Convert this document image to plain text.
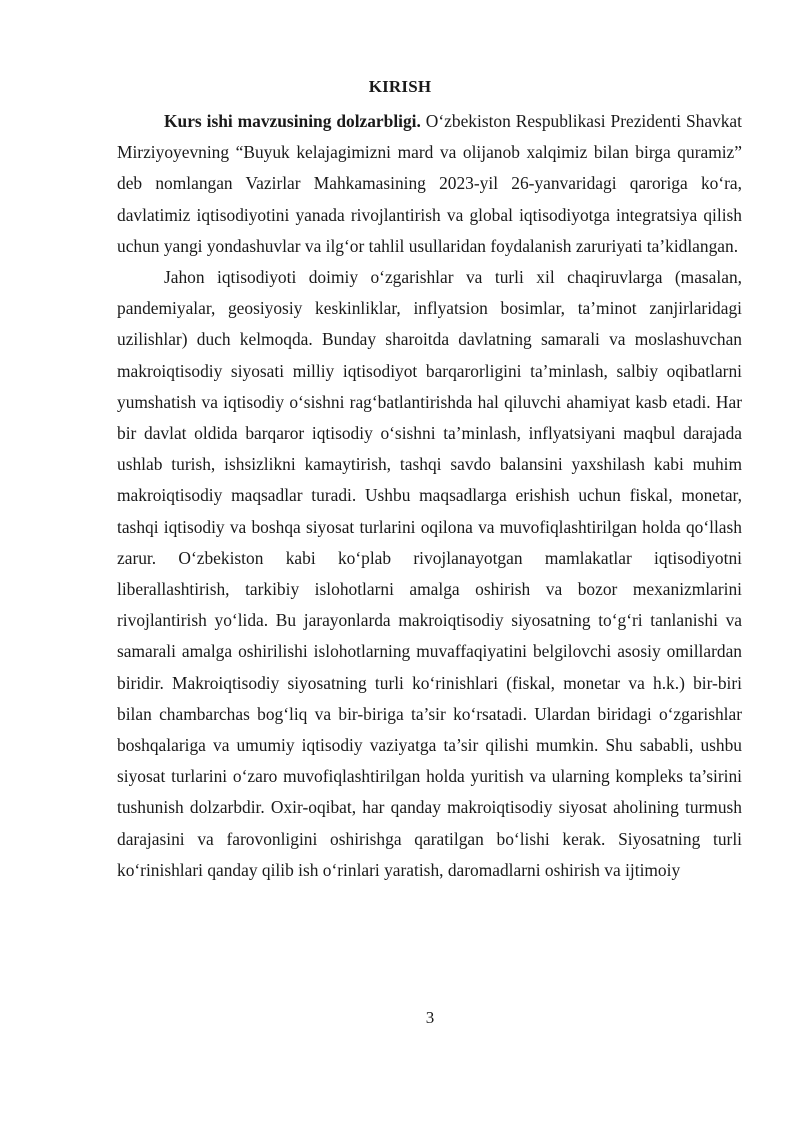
KIRISH

Kurs ishi mavzusining dolzarbligi. O‘zbekiston Respublikasi Prezidenti Shavkat Mirziyoyevning “Buyuk kelajagimizni mard va olijanob xalqimiz bilan birga quramiz” deb nomlangan Vazirlar Mahkamasining 2023-yil 26-yanvaridagi qaroriga ko‘ra, davlatimiz iqtisodiyotini yanada rivojlantirish va global iqtisodiyotga integratsiya qilish uchun yangi yondashuvlar va ilg‘or tahlil usullaridan foydalanish zaruriyati ta’kidlangan.

Jahon iqtisodiyoti doimiy o‘zgarishlar va turli xil chaqiruvlarga (masalan, pandemiyalar, geosiyosiy keskinliklar, inflyatsion bosimlar, ta’minot zanjirlaridagi uzilishlar) duch kelmoqda. Bunday sharoitda davlatning samarali va moslashuvchan makroiqtisodiy siyosati milliy iqtisodiyot barqarorligini ta’minlash, salbiy oqibatlarni yumshatish va iqtisodiy o‘sishni rag‘batlantirishda hal qiluvchi ahamiyat kasb etadi. Har bir davlat oldida barqaror iqtisodiy o‘sishni ta’minlash, inflyatsiyani maqbul darajada ushlab turish, ishsizlikni kamaytirish, tashqi savdo balansini yaxshilash kabi muhim makroiqtisodiy maqsadlar turadi. Ushbu maqsadlarga erishish uchun fiskal, monetar, tashqi iqtisodiy va boshqa siyosat turlarini oqilona va muvofiqlashtirilgan holda qo‘llash zarur. O‘zbekiston kabi ko‘plab rivojlanayotgan mamlakatlar iqtisodiyotni liberallashtirish, tarkibiy islohotlarni amalga oshirish va bozor mexanizmlarini rivojlantirish yo‘lida. Bu jarayonlarda makroiqtisodiy siyosatning to‘g‘ri tanlanishi va samarali amalga oshirilishi islohotlarning muvaffaqiyatini belgilovchi asosiy omillardan biridir. Makroiqtisodiy siyosatning turli ko‘rinishlari (fiskal, monetar va h.k.) bir-biri bilan chambarchas bog‘liq va bir-biriga ta’sir ko‘rsatadi. Ulardan biridagi o‘zgarishlar boshqalariga va umumiy iqtisodiy vaziyatga ta’sir qilishi mumkin. Shu sababli, ushbu siyosat turlarini o‘zaro muvofiqlashtirilgan holda yuritish va ularning kompleks ta’sirini tushunish dolzarbdir. Oxir-oqibat, har qanday makroiqtisodiy siyosat aholining turmush darajasini va farovonligini oshirishga qaratilgan bo‘lishi kerak. Siyosatning turli ko‘rinishlari qanday qilib ish o‘rinlari yaratish, daromadlarni oshirish va ijtimoiy

3
